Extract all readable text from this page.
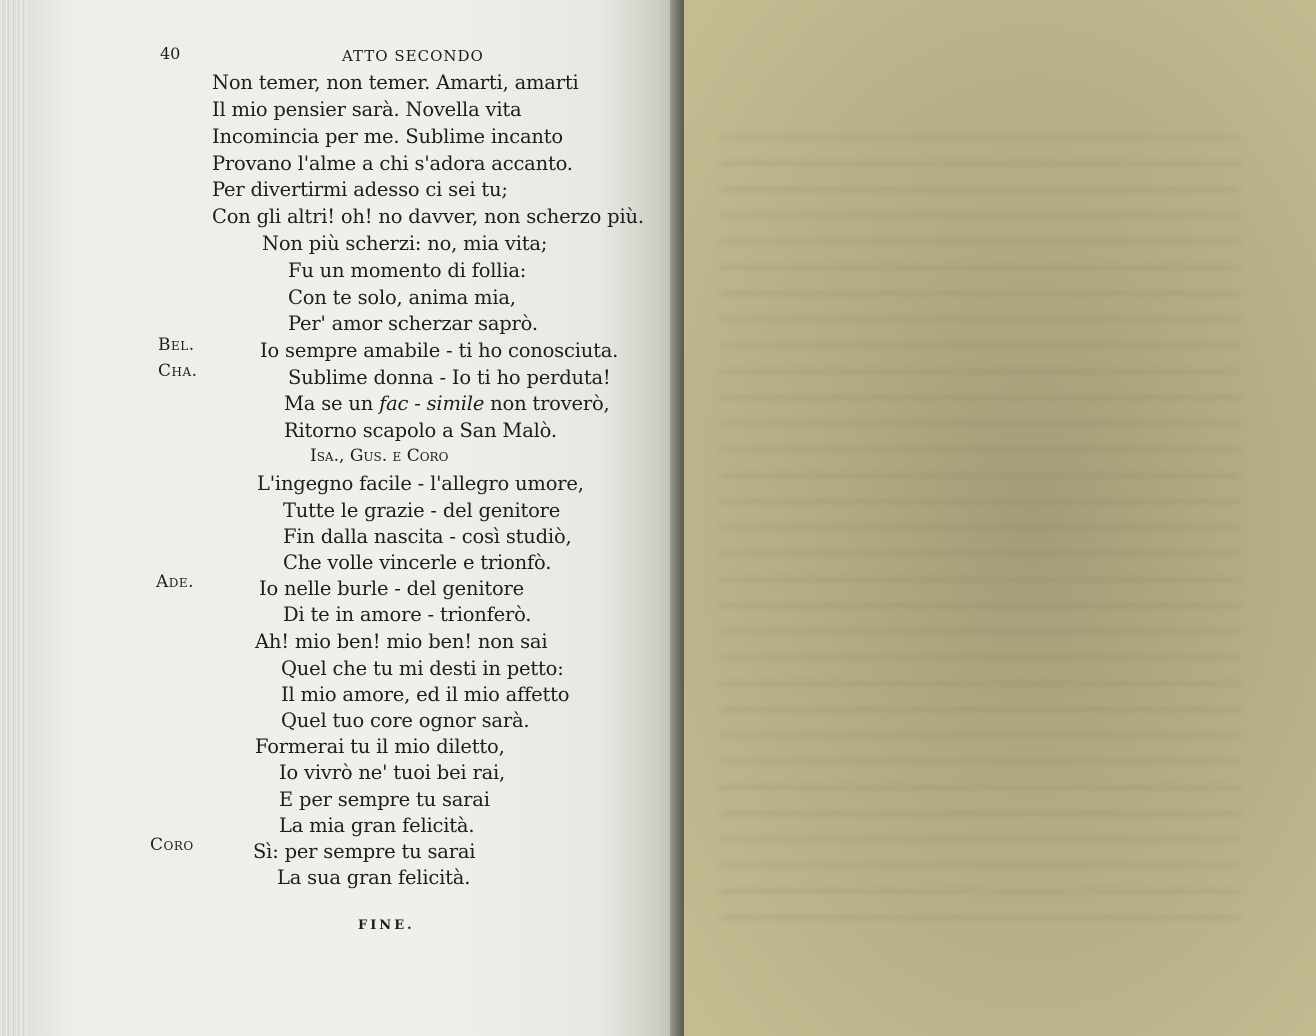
40	ATTO SECONDO
Non temer, non temer. Amarti, amarti
Il mio pensier sarà. Novella vita
Incomincia per me. Sublime incanto
Provano l'alme a chi s'adora accanto.
Per divertirmi adesso ci sei tu;
Con gli altri! oh! no davver, non scherzo più.
Non più scherzi: no, mia vita;
Fu un momento di follia:
Con te solo, anima mia,
Per' amor scherzar saprò.
Bel.	Io sempre amabile - ti ho conosciuta.
Cha.	Sublime donna - Io ti ho perduta!
Ma se un fac - simile non troverò,
Ritorno scapolo a San Malò.
Isa., Gus. e Coro
L'ingegno facile - l'allegro umore,
Tutte le grazie - del genitore
Fin dalla nascita - così studiò,
Che volle vincerle e trionfò.
Ade.	Io nelle burle - del genitore
Di te in amore - trionferò.
Ah! mio ben! mio ben! non sai
Quel che tu mi desti in petto:
Il mio amore, ed il mio affetto
Quel tuo core ognor sarà.
Formerai tu il mio diletto,
Io vivrò ne' tuoi bei rai,
E per sempre tu sarai
La mia gran felicità.
Coro	Sì: per sempre tu sarai
La sua gran felicità.
FINE.
